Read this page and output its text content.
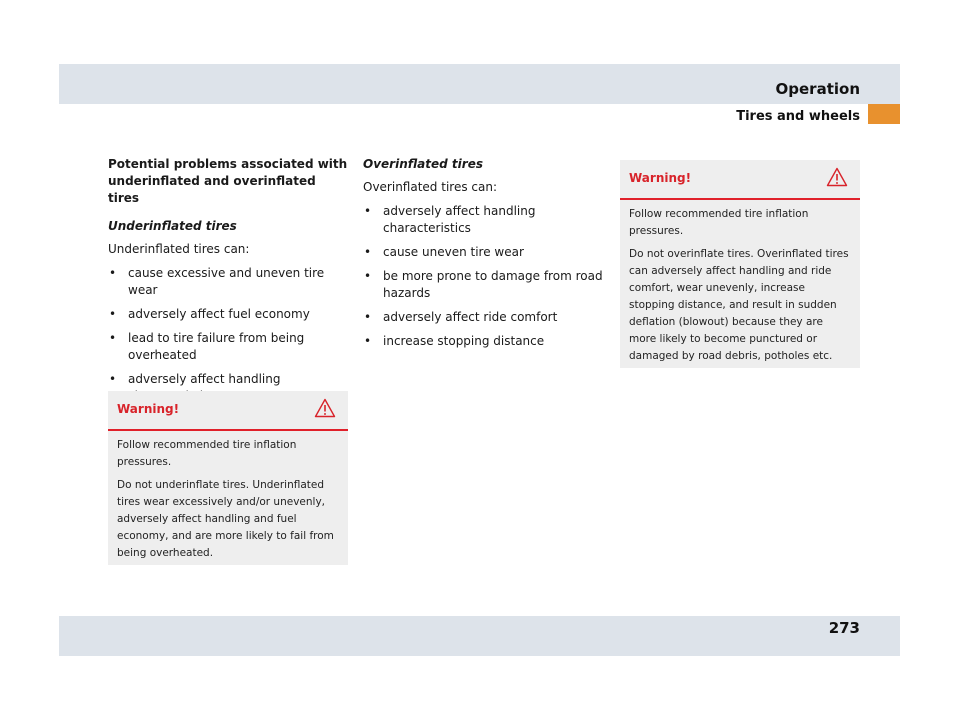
Operation
Tires and wheels

Potential problems associated with underinflated and overinflated tires

Underinflated tires

Underinflated tires can:

• cause excessive and uneven tire wear
• adversely affect fuel economy
• lead to tire failure from being overheated
• adversely affect handling
Warning!

Follow recommended tire inflation pressures.

Do not underinflate tires. Underinflated tires wear excessively and/or unevenly, adversely affect handling and fuel economy, and are more likely to fail from being overheated.

Overinflated tires

Overinflated tires can:

• adversely affect handling characteristics
• cause uneven tire wear
• be more prone to damage from road hazards
• adversely affect ride comfort
• increase stopping distance
Warning!

Follow recommended tire inflation pressures.

Do not overinflate tires. Overinflated tires can adversely affect handling and ride comfort, wear unevenly, increase stopping distance, and result in sudden deflation (blowout) because they are more likely to become punctured or damaged by road debris, potholes etc.

273
